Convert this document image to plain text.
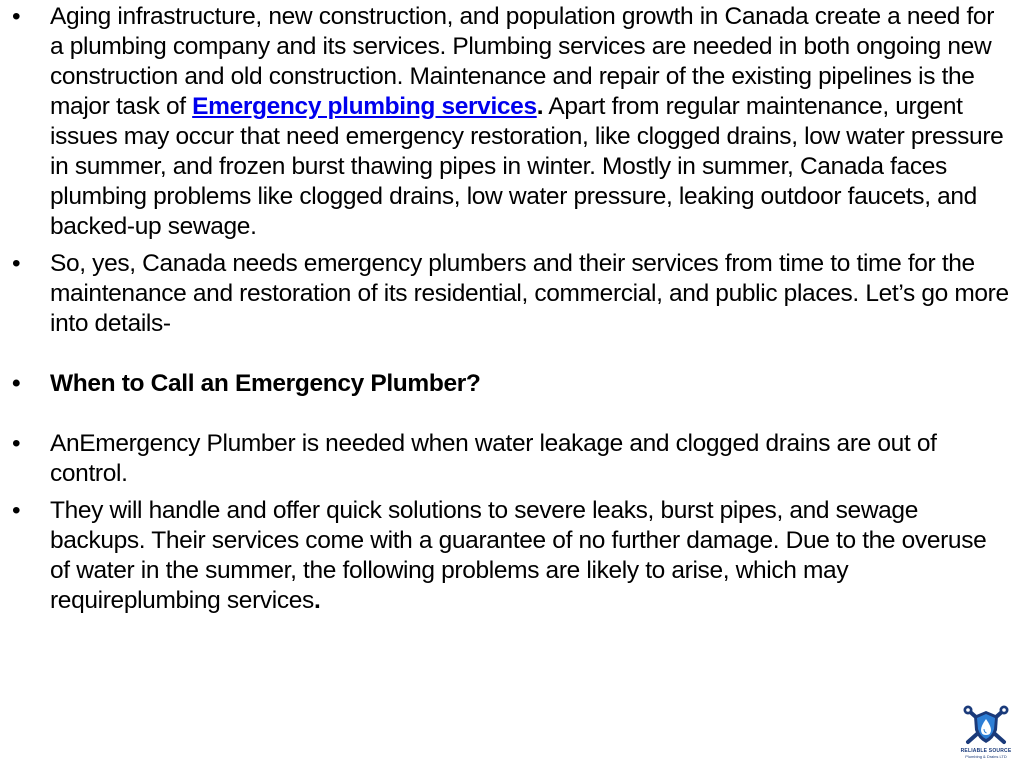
•	Aging infrastructure, new construction, and population growth in Canada create a need for a plumbing company and its services. Plumbing services are needed in both ongoing new construction and old construction. Maintenance and repair of the existing pipelines is the major task of Emergency plumbing services. Apart from regular maintenance, urgent issues may occur that need emergency restoration, like clogged drains, low water pressure in summer, and frozen burst thawing pipes in winter. Mostly in summer, Canada faces plumbing problems like clogged drains, low water pressure, leaking outdoor faucets, and backed-up sewage.
•	So, yes, Canada needs emergency plumbers and their services from time to time for the maintenance and restoration of its residential, commercial, and public places. Let’s go more into details-
•	When to Call an Emergency Plumber?
•	AnEmergency Plumber is needed when water leakage and clogged drains are out of control.
•	They will handle and offer quick solutions to severe leaks, burst pipes, and sewage backups. Their services come with a guarantee of no further damage. Due to the overuse of water in the summer, the following problems are likely to arise, which may requireplumbing services.
RELIABLE SOURCE
Plumbing & Drains LTD
